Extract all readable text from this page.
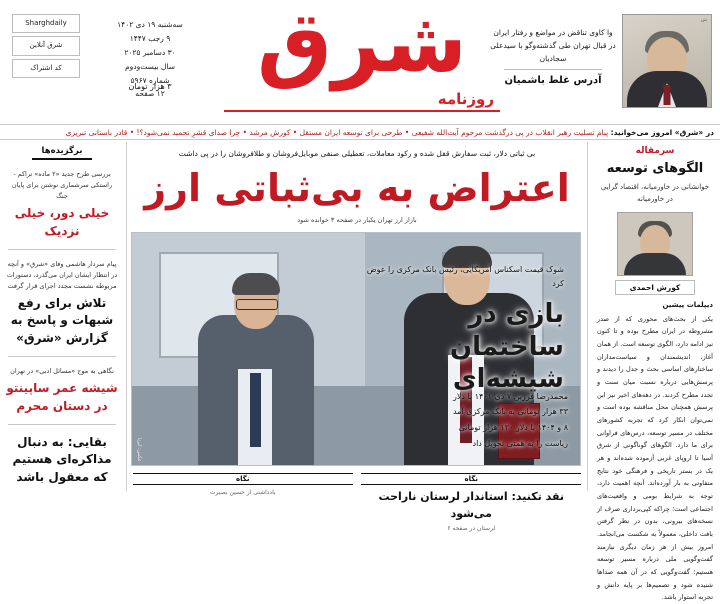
ش
وا کاوی تناقض در مواضع و رفتار ایران در قبال تهران طی گذشته‌وگو با سیدعلی سجادیان
آدرس غلط باشمیان
شرق
روزنامه
سه‌شنبه ۱۹ دی ۱۴۰۲
۹ رجب ۱۴۴۷
۳۰ دسامبر ۲۰۲۵
سال بیست‌ودوم
شماره ۵۹۶۷
۱۲ صفحه
۳ هزار تومان
Sharghdaily
شرق آنلاین
کد اشتراک
در «شرق» امروز می‌خوانید: پیام تسلیت رهبر انقلاب در پی درگذشت مرحوم آیت‌الله شفیعی • طرحی برای توسعه ایران مستقل • کورش مرشد • چرا صدای قشرِ تحمید نمی‌شود؟! • قادر باستانی تبریزی
برگزیده‌ها
بررسی طرح جدید «۲ ماده» تراکم - راستکی سرشماری نوشتن برای پایان جنگ
خیلی دور، خیلی نزدیک
پیام سردار هاشمی وفای «شرق» و آنچه در انتظار ایشان ایران می‌گذرد، دستورات مربوطه نشست مجدد اجرای قرار گرفت
تلاش برای رفع شبهات و پاسخ به گزارش «شرق»
نگاهی به موج «مسائل ادبی» در تهران
شیشه عمر ساپینتو در دستان محرم
بقایی: به دنبال مذاکره‌ای هستیم که معقول باشد
بی ثباتی دلار، ثبت سفارش قفل شده و رکود معاملات، تعطیلی صنفی موبایل‌فروشان و طلافروشان را در پی داشت
اعتراض به بی‌ثباتی ارز
بازار ارز تهران یکبار در صفحه ۳ خوانده شود
شوک قیمت اسکناس آمریکایی، رئیس بانک مرکزی را عوض کرد
بازی در ساختمان شیشه‌ای
محمدرضا فرزین ۷ دی ۱۴۰۱ با دلار
۳۳ هزار تومانی به بانک مرکزی آمد
۸ و ۱۴۰۴ با دلار ۱۲۰ هزار تومانی
ریاست را به همتی تحویل داد
عکس: ایرنا
نگاه
نقد تکنید: استاندار لرستان ناراحت می‌شود
لرستان در صفحه ۶
نگاه
یادداشتی از حسین بصیرت
سرمقاله
الگوهای توسعه
خوانشانی در خاورمیانه، اقتصاد گرایی در خاورمیانه
کورش احمدی
دیپلمات پیشین
یکی از بحث‌های محوری که از صدر مشروطه در ایران مطرح بوده و تا کنون نیز ادامه دارد، الگوی توسعه است. از همان آغاز، اندیشمندان و سیاست‌مداران ساختارهای اساسی بحث و جدل را دیدند و پرسش‌هایی درباره نسبت میان سنت و تجدد مطرح کردند. در دهه‌های اخیر نیز این پرسش همچنان محل مناقشه بوده است و نمی‌توان انکار کرد که تجربه کشورهای مختلف در مسیر توسعه، درس‌های فراوانی برای ما دارد. الگوهای گوناگونی از شرق آسیا تا اروپای غربی آزموده شده‌اند و هر یک در بستر تاریخی و فرهنگی خود نتایج متفاوتی به بار آورده‌اند. آنچه اهمیت دارد، توجه به شرایط بومی و واقعیت‌های اجتماعی است؛ چراکه کپی‌برداری صرف از نسخه‌های بیرونی، بدون در نظر گرفتن بافت داخلی، معمولاً به شکست می‌انجامد. امروز بیش از هر زمان دیگری نیازمند گفت‌وگویی ملی درباره مسیر توسعه هستیم؛ گفت‌وگویی که در آن همه صداها شنیده شود و تصمیم‌ها بر پایه دانش و تجربه استوار باشد.
